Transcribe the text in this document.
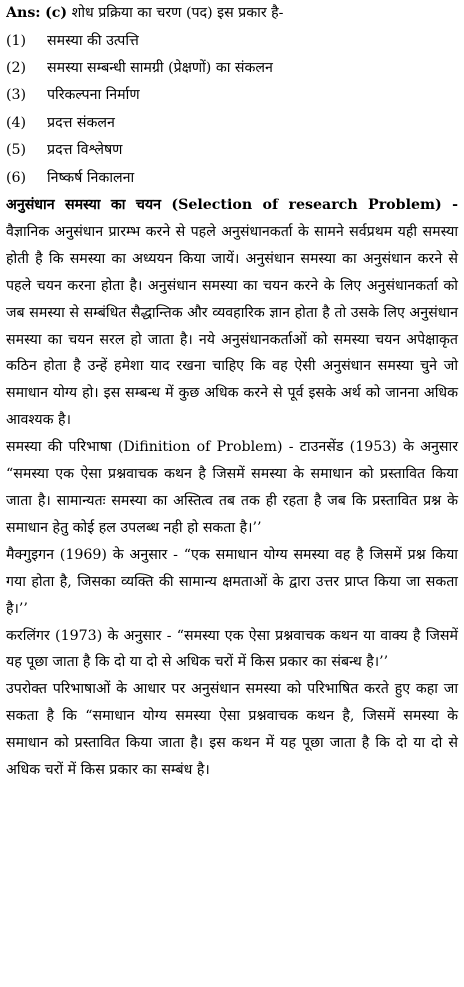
Ans: (c) शोध प्रक्रिया का चरण (पद) इस प्रकार है-
(1)	समस्या की उत्पत्ति
(2)	समस्या सम्बन्धी सामग्री (प्रेक्षणों) का संकलन
(3)	परिकल्पना निर्माण
(4)	प्रदत्त संकलन
(5)	प्रदत्त विश्लेषण
(6)	निष्कर्ष निकालना

अनुसंधान समस्या का चयन (Selection of research Problem) - वैज्ञानिक अनुसंधान प्रारम्भ करने से पहले अनुसंधानकर्ता के सामने सर्वप्रथम यही समस्या होती है कि समस्या का अध्ययन किया जायें। अनुसंधान समस्या का अनुसंधान करने से पहले चयन करना होता है। अनुसंधान समस्या का चयन करने के लिए अनुसंधानकर्ता को जब समस्या से सम्बंधित सैद्धान्तिक और व्यवहारिक ज्ञान होता है तो उसके लिए अनुसंधान समस्या का चयन सरल हो जाता है। नये अनुसंधानकर्ताओं को समस्या चयन अपेक्षाकृत कठिन होता है उन्हें हमेशा याद रखना चाहिए कि वह ऐसी अनुसंधान समस्या चुने जो समाधान योग्य हो। इस सम्बन्ध में कुछ अधिक करने से पूर्व इसके अर्थ को जानना अधिक आवश्यक है।

समस्या की परिभाषा (Difinition of Problem) - टाउनसेंड (1953) के अनुसार “समस्या एक ऐसा प्रश्नवाचक कथन है जिसमें समस्या के समाधान को प्रस्तावित किया जाता है। सामान्यतः समस्या का अस्तित्व तब तक ही रहता है जब कि प्रस्तावित प्रश्न के समाधान हेतु कोई हल उपलब्ध नही हो सकता है।’’

मैक्गुइगन (1969) के अनुसार - “एक समाधान योग्य समस्या वह है जिसमें प्रश्न किया गया होता है, जिसका व्यक्ति की सामान्य क्षमताओं के द्वारा उत्तर प्राप्त किया जा सकता है।’’

करलिंगर (1973) के अनुसार - “समस्या एक ऐसा प्रश्नवाचक कथन या वाक्य है जिसमें यह पूछा जाता है कि दो या दो से अधिक चरों में किस प्रकार का संबन्ध है।’’

उपरोक्त परिभाषाओं के आधार पर अनुसंधान समस्या को परिभाषित करते हुए कहा जा सकता है कि “समाधान योग्य समस्या ऐसा प्रश्नवाचक कथन है, जिसमें समस्या के समाधान को प्रस्तावित किया जाता है। इस कथन में यह पूछा जाता है कि दो या दो से अधिक चरों में किस प्रकार का सम्बंध है।
